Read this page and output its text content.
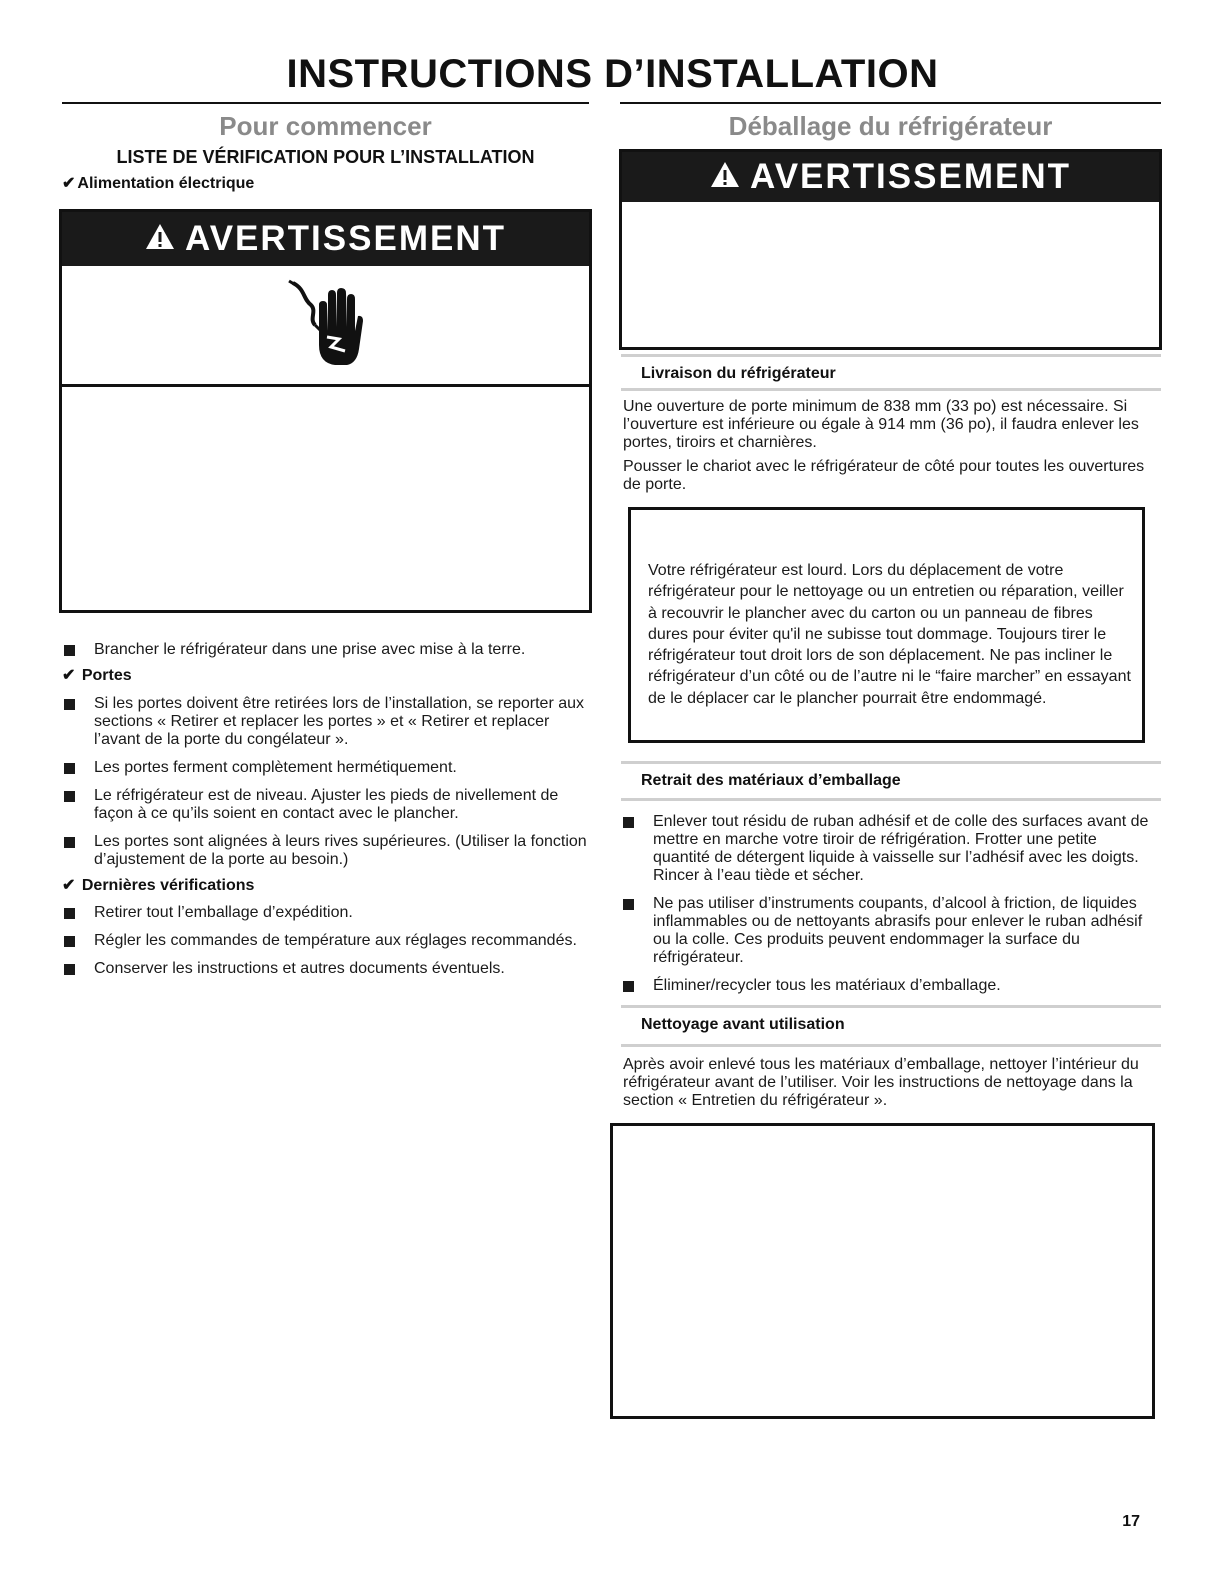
INSTRUCTIONS D’INSTALLATION
Pour commencer
LISTE DE VÉRIFICATION POUR L’INSTALLATION
✔ Alimentation électrique
AVERTISSEMENT
Brancher le réfrigérateur dans une prise avec mise à la terre.
✔ Portes
Si les portes doivent être retirées lors de l’installation, se reporter aux sections « Retirer et replacer les portes » et « Retirer et replacer l’avant de la porte du congélateur ».
Les portes ferment complètement hermétiquement.
Le réfrigérateur est de niveau. Ajuster les pieds de nivellement de façon à ce qu’ils soient en contact avec le plancher.
Les portes sont alignées à leurs rives supérieures. (Utiliser la fonction d’ajustement de la porte au besoin.)
✔ Dernières vérifications
Retirer tout l’emballage d’expédition.
Régler les commandes de température aux réglages recommandés.
Conserver les instructions et autres documents éventuels.
Déballage du réfrigérateur
AVERTISSEMENT
Livraison du réfrigérateur

Une ouverture de porte minimum de 838 mm (33 po) est nécessaire. Si l’ouverture est inférieure ou égale à 914 mm (36 po), il faudra enlever les portes, tiroirs et charnières.

Pousser le chariot avec le réfrigérateur de côté pour toutes les ouvertures de porte.

Votre réfrigérateur est lourd. Lors du déplacement de votre réfrigérateur pour le nettoyage ou un entretien ou réparation, veiller à recouvrir le plancher avec du carton ou un panneau de fibres dures pour éviter qu'il ne subisse tout dommage. Toujours tirer le réfrigérateur tout droit lors de son déplacement. Ne pas incliner le réfrigérateur d’un côté ou de l’autre ni le “faire marcher” en essayant de le déplacer car le plancher pourrait être endommagé.

Retrait des matériaux d’emballage
Enlever tout résidu de ruban adhésif et de colle des surfaces avant de mettre en marche votre tiroir de réfrigération. Frotter une petite quantité de détergent liquide à vaisselle sur l’adhésif avec les doigts. Rincer à l’eau tiède et sécher.
Ne pas utiliser d’instruments coupants, d’alcool à friction, de liquides inflammables ou de nettoyants abrasifs pour enlever le ruban adhésif ou la colle. Ces produits peuvent endommager la surface du réfrigérateur.
Éliminer/recycler tous les matériaux d’emballage.
Nettoyage avant utilisation

Après avoir enlevé tous les matériaux d’emballage, nettoyer l’intérieur du réfrigérateur avant de l’utiliser. Voir les instructions de nettoyage dans la section « Entretien du réfrigérateur ».

17
